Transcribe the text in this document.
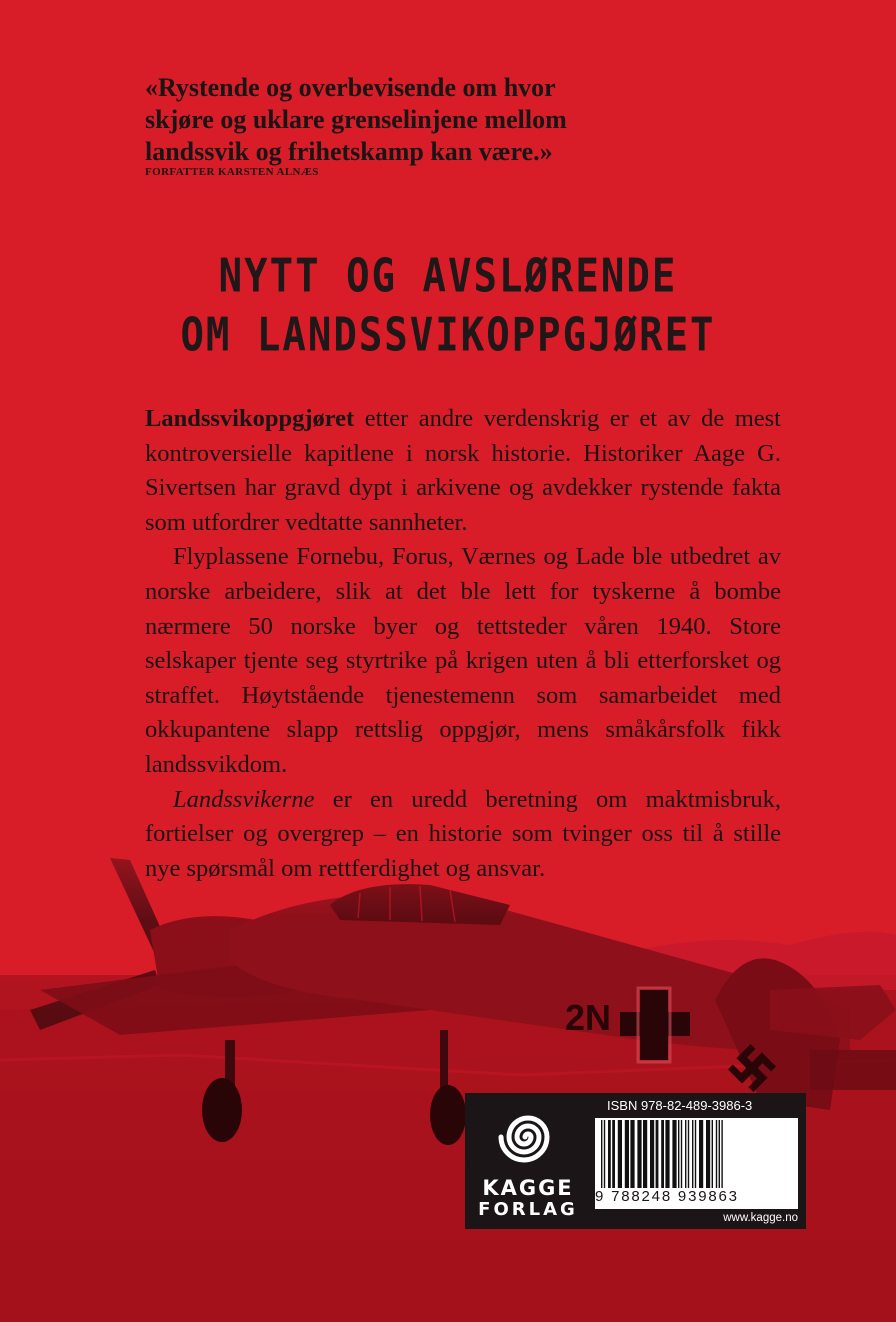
2N
«Rystende og overbevisende om hvor
skjøre og uklare grenselinjene mellom
landssvik og frihetskamp kan være.»
FORFATTER KARSTEN ALNÆS
NYTT OG AVSLØRENDE
OM LANDSSVIKOPPGJØRET

Landssvikoppgjøret etter andre verdenskrig er et av de mest kontroversielle kapitlene i norsk historie. Historiker Aage G. Sivertsen har gravd dypt i arkivene og avdekker rystende fakta som utfordrer vedtatte sannheter.

Flyplassene Fornebu, Forus, Værnes og Lade ble utbedret av norske arbeidere, slik at det ble lett for tyskerne å bombe nærmere 50 norske byer og tettsteder våren 1940. Store selskaper tjente seg styrtrike på krigen uten å bli etterforsket og straffet. Høytstående tjenestemenn som samarbeidet med okkupantene slapp rettslig oppgjør, mens småkårsfolk fikk landssvikdom.

Landssvikerne er en uredd beretning om maktmisbruk, fortielser og overgrep – en historie som tvinger oss til å stille nye spørsmål om rettferdighet og ansvar.

KAGGE
FORLAG
ISBN 978-82-489-3986-3
9 788248 939863
www.kagge.no
